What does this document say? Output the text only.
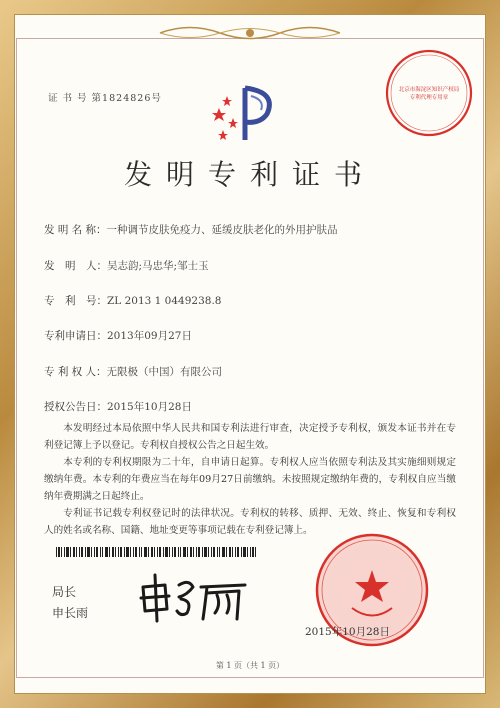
证 书 号 第1824826号
北京市海淀区知识产权局 专利代理专用章
发明专利证书
发 明 名 称：一种调节皮肤免疫力、延缓皮肤老化的外用护肤品
发　明　人：吴志韵;马忠华;邹士玉
专　利　号：ZL 2013 1 0449238.8
专利申请日：2013年09月27日
专 利 权 人：无限极（中国）有限公司
授权公告日：2015年10月28日

本发明经过本局依照中华人民共和国专利法进行审查，决定授予专利权，颁发本证书并在专利登记簿上予以登记。专利权自授权公告之日起生效。

本专利的专利权期限为二十年，自申请日起算。专利权人应当依照专利法及其实施细则规定缴纳年费。本专利的年费应当在每年09月27日前缴纳。未按照规定缴纳年费的，专利权自应当缴纳年费期满之日起终止。

专利证书记载专利权登记时的法律状况。专利权的转移、质押、无效、终止、恢复和专利权人的姓名或名称、国籍、地址变更等事项记载在专利登记簿上。

局长
申长雨
2015年10月28日
第 1 页（共 1 页）
